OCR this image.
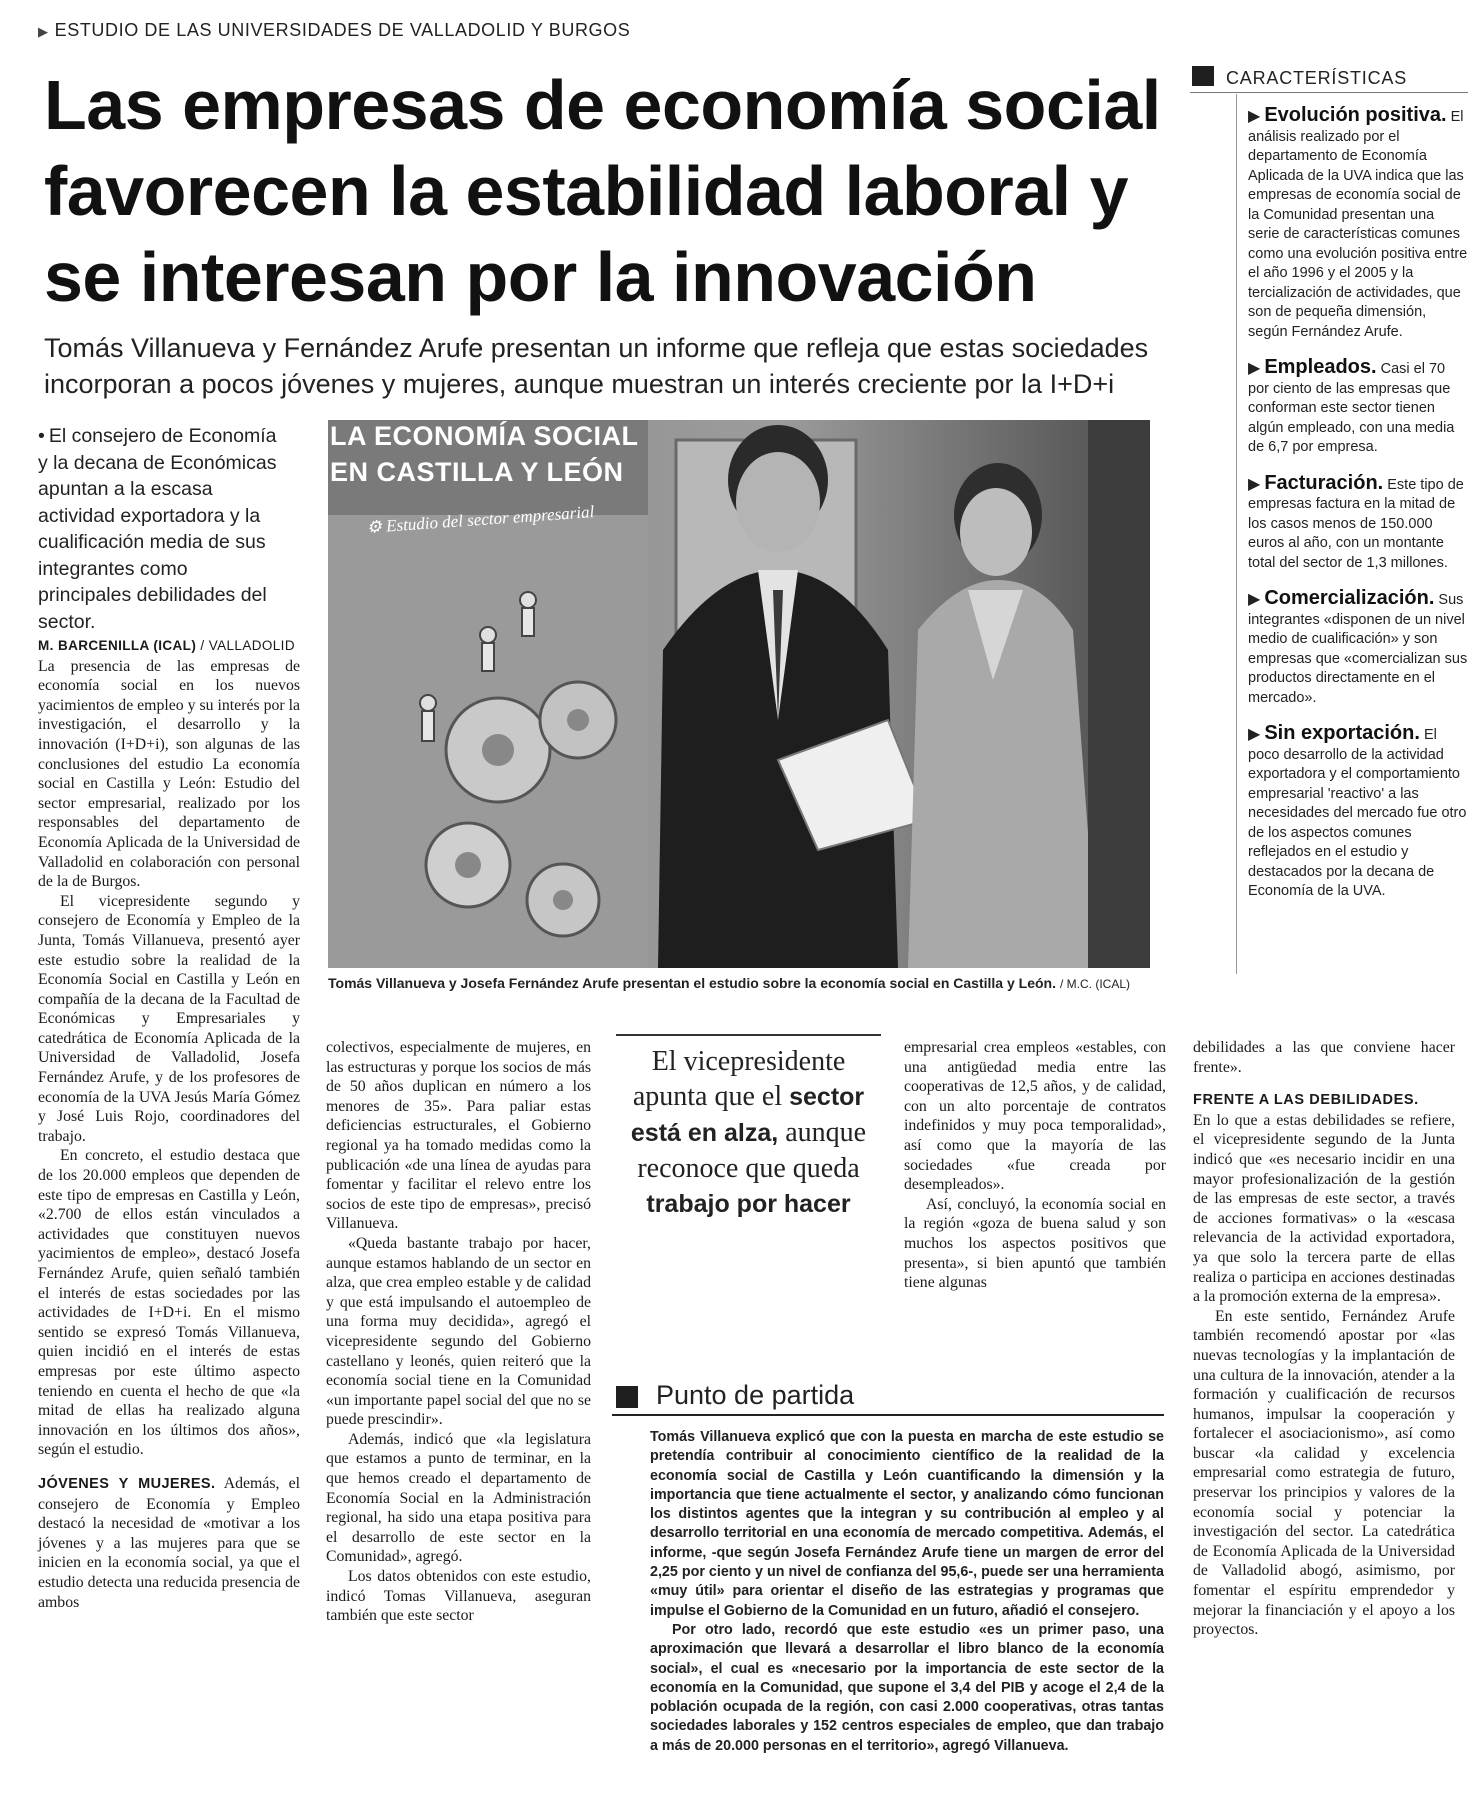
▶ ESTUDIO DE LAS UNIVERSIDADES DE VALLADOLID Y BURGOS
Las empresas de economía social favorecen la estabilidad laboral y se interesan por la innovación

Tomás Villanueva y Fernández Arufe presentan un informe que refleja que estas sociedades incorporan a pocos jóvenes y mujeres, aunque muestran un interés creciente por la I+D+i

• El consejero de Economía y la decana de Económicas apuntan a la escasa actividad exportadora y la cualificación media de sus integrantes como principales debilidades del sector.
M. BARCENILLA (ICAL) / VALLADOLID

La presencia de las empresas de economía social en los nuevos yacimientos de empleo y su interés por la investigación, el desarrollo y la innovación (I+D+i), son algunas de las conclusiones del estudio La economía social en Castilla y León: Estudio del sector empresarial, realizado por los responsables del departamento de Economía Aplicada de la Universidad de Valladolid en colaboración con personal de la de Burgos.

El vicepresidente segundo y consejero de Economía y Empleo de la Junta, Tomás Villanueva, presentó ayer este estudio sobre la realidad de la Economía Social en Castilla y León en compañía de la decana de la Facultad de Económicas y Empresariales y catedrática de Economía Aplicada de la Universidad de Valladolid, Josefa Fernández Arufe, y de los profesores de economía de la UVA Jesús María Gómez y José Luis Rojo, coordinadores del trabajo.

En concreto, el estudio destaca que de los 20.000 empleos que dependen de este tipo de empresas en Castilla y León, «2.700 de ellos están vinculados a actividades que constituyen nuevos yacimientos de empleo», destacó Josefa Fernández Arufe, quien señaló también el interés de estas sociedades por las actividades de I+D+i. En el mismo sentido se expresó Tomás Villanueva, quien incidió en el interés de estas empresas por este último aspecto teniendo en cuenta el hecho de que «la mitad de ellas ha realizado alguna innovación en los últimos dos años», según el estudio.

JÓVENES Y MUJERES. Además, el consejero de Economía y Empleo destacó la necesidad de «motivar a los jóvenes y a las mujeres para que se inicien en la economía social, ya que el estudio detecta una reducida presencia de ambos

LA ECONOMÍA SOCIAL
EN CASTILLA Y LEÓN
⚙ Estudio del sector empresarial
Tomás Villanueva y Josefa Fernández Arufe presentan el estudio sobre la economía social en Castilla y León. / M.C. (ICAL)

colectivos, especialmente de mujeres, en las estructuras y porque los socios de más de 50 años duplican en número a los menores de 35». Para paliar estas deficiencias estructurales, el Gobierno regional ya ha tomado medidas como la publicación «de una línea de ayudas para fomentar y facilitar el relevo entre los socios de este tipo de empresas», precisó Villanueva.

«Queda bastante trabajo por hacer, aunque estamos hablando de un sector en alza, que crea empleo estable y de calidad y que está impulsando el autoempleo de una forma muy decidida», agregó el vicepresidente segundo del Gobierno castellano y leonés, quien reiteró que la economía social tiene en la Comunidad «un importante papel social del que no se puede prescindir».

Además, indicó que «la legislatura que estamos a punto de terminar, en la que hemos creado el departamento de Economía Social en la Administración regional, ha sido una etapa positiva para el desarrollo de este sector en la Comunidad», agregó.

Los datos obtenidos con este estudio, indicó Tomas Villanueva, aseguran también que este sector

El vicepresidente apunta que el sector está en alza, aunque reconoce que queda trabajo por hacer

empresarial crea empleos «estables, con una antigüedad media entre las cooperativas de 12,5 años, y de calidad, con un alto porcentaje de contratos indefinidos y muy poca temporalidad», así como que la mayoría de las sociedades «fue creada por desempleados».

Así, concluyó, la economía social en la región «goza de buena salud y son muchos los aspectos positivos que presenta», si bien apuntó que también tiene algunas

debilidades a las que conviene hacer frente».

FRENTE A LAS DEBILIDADES.

En lo que a estas debilidades se refiere, el vicepresidente segundo de la Junta indicó que «es necesario incidir en una mayor profesionalización de la gestión de las empresas de este sector, a través de acciones formativas» o la «escasa relevancia de la actividad exportadora, ya que solo la tercera parte de ellas realiza o participa en acciones destinadas a la promoción externa de la empresa».

En este sentido, Fernández Arufe también recomendó apostar por «las nuevas tecnologías y la implantación de una cultura de la innovación, atender a la formación y cualificación de recursos humanos, impulsar la cooperación y fortalecer el asociacionismo», así como buscar «la calidad y excelencia empresarial como estrategia de futuro, preservar los principios y valores de la economía social y potenciar la investigación del sector. La catedrática de Economía Aplicada de la Universidad de Valladolid abogó, asimismo, por fomentar el espíritu emprendedor y mejorar la financiación y el apoyo a los proyectos.

CARACTERÍSTICAS
▶ Evolución positiva. El análisis realizado por el departamento de Economía Aplicada de la UVA indica que las empresas de economía social de la Comunidad presentan una serie de características comunes como una evolución positiva entre el año 1996 y el 2005 y la tercialización de actividades, que son de pequeña dimensión, según Fernández Arufe.
▶ Empleados. Casi el 70 por ciento de las empresas que conforman este sector tienen algún empleado, con una media de 6,7 por empresa.
▶ Facturación. Este tipo de empresas factura en la mitad de los casos menos de 150.000 euros al año, con un montante total del sector de 1,3 millones.
▶ Comercialización. Sus integrantes «disponen de un nivel medio de cualificación» y son empresas que «comercializan sus productos directamente en el mercado».
▶ Sin exportación. El poco desarrollo de la actividad exportadora y el comportamiento empresarial 'reactivo' a las necesidades del mercado fue otro de los aspectos comunes reflejados en el estudio y destacados por la decana de Economía de la UVA.
Punto de partida

Tomás Villanueva explicó que con la puesta en marcha de este estudio se pretendía contribuir al conocimiento científico de la realidad de la economía social de Castilla y León cuantificando la dimensión y la importancia que tiene actualmente el sector, y analizando cómo funcionan los distintos agentes que la integran y su contribución al empleo y al desarrollo territorial en una economía de mercado competitiva. Además, el informe, -que según Josefa Fernández Arufe tiene un margen de error del 2,25 por ciento y un nivel de confianza del 95,6-, puede ser una herramienta «muy útil» para orientar el diseño de las estrategias y programas que impulse el Gobierno de la Comunidad en un futuro, añadió el consejero.

Por otro lado, recordó que este estudio «es un primer paso, una aproximación que llevará a desarrollar el libro blanco de la economía social», el cual es «necesario por la importancia de este sector de la economía en la Comunidad, que supone el 3,4 del PIB y acoge el 2,4 de la población ocupada de la región, con casi 2.000 cooperativas, otras tantas sociedades laborales y 152 centros especiales de empleo, que dan trabajo a más de 20.000 personas en el territorio», agregó Villanueva.
